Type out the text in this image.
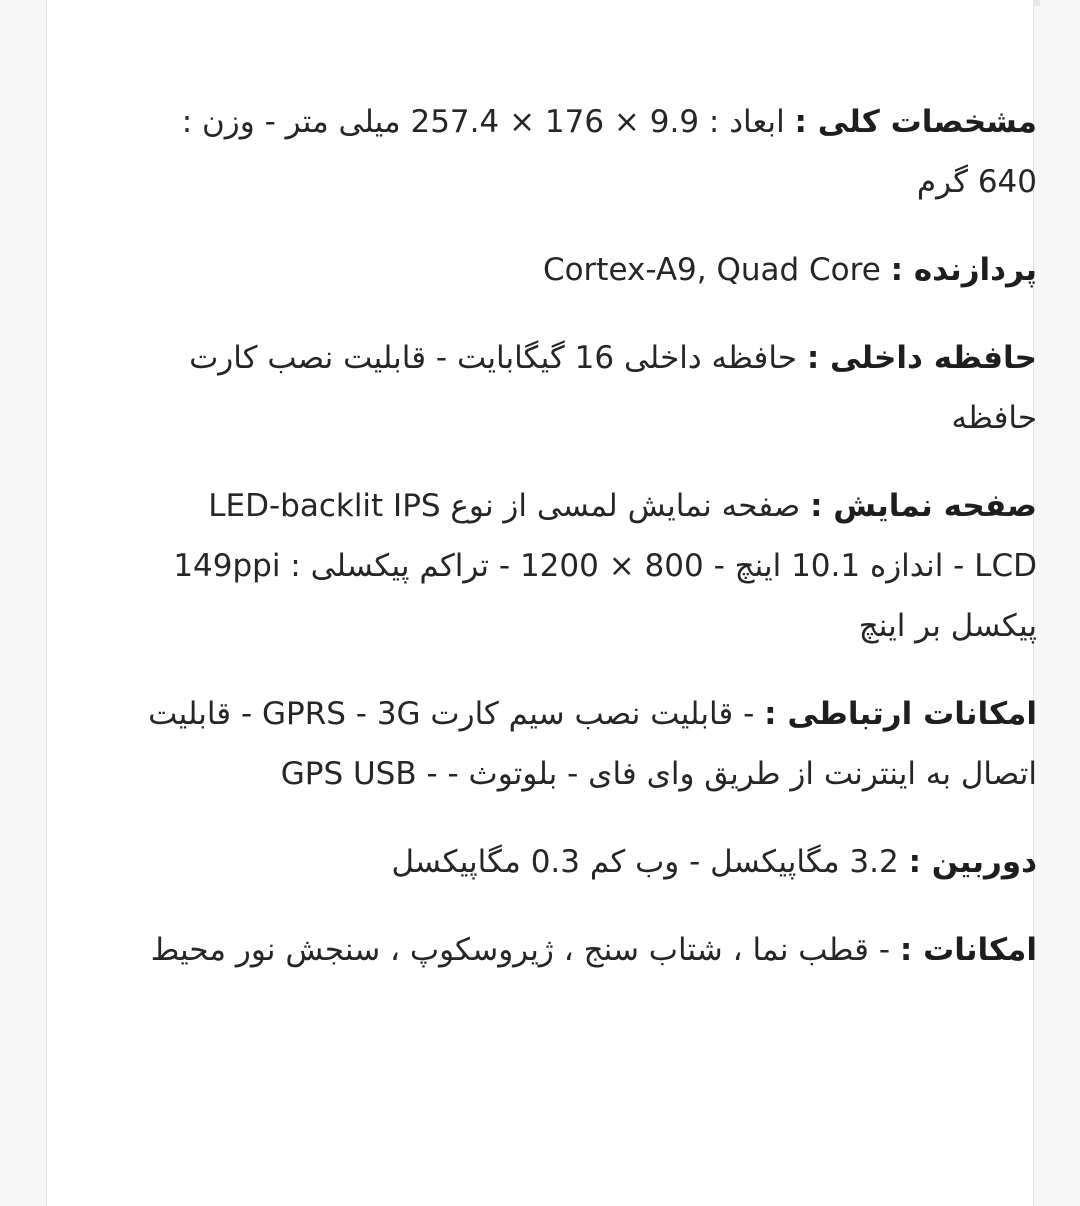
مشخصات کلی : ابعاد : 9.9 × 176 × 257.4 میلی متر - وزن : 640 گرم

پردازنده : Cortex-A9, Quad Core

حافظه داخلی : حافظه داخلی 16 گیگابایت - قابلیت نصب کارت حافظه

صفحه نمایش : صفحه نمایش لمسی از نوع LED-backlit IPS LCD - اندازه 10.1 اینچ - 800 × 1200 - تراکم پیکسلی : 149ppi پیکسل بر اینچ

امکانات ارتباطی : - قابلیت نصب سیم کارت GPRS - 3G - قابلیت اتصال به اینترنت از طریق وای فای - بلوتوث - - GPS USB

دوربین : 3.2 مگاپیکسل - وب کم 0.3 مگاپیکسل

امکانات : - قطب نما ، شتاب سنج ، ژیروسکوپ ، سنجش نور محیط
